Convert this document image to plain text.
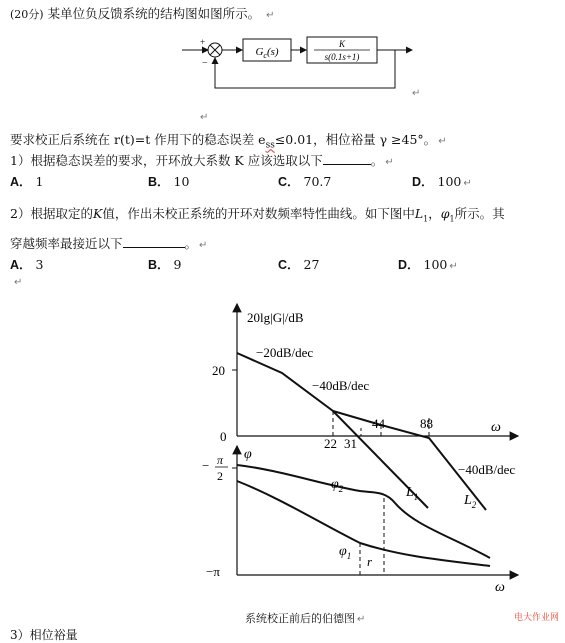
(20分) 某单位负反馈系统的结构图如图所示。 ↵
+
−
$G_c(s)$
K
s(0.1s+1)
↵
↵
要求校正后系统在 r(t)=t 作用下的稳态误差 $e_{ss}\le 0.01$，相位裕量 γ ≥45°。 ↵
1）根据稳态误差的要求，开环放大系数 K 应该选取以下	。 ↵
A． 1	B． 10	C． 70.7	D． 100 ↵
2）根据取定的K值，作出未校正系统的开环对数频率特性曲线。如下图中$L_1$，$\varphi_1$所示。其
穿越频率最接近以下	。 ↵
A． 3	B． 9	C． 27	D． 100 ↵
↵
20lg|G|/dB
20
0
ω
−20dB/dec
−40dB/dec
−40dB/dec
22 31
44	88
$L_1$	$L_2$
φ
− π
2
−π
ω
$\varphi_2$
$\varphi_1$ r
系统校正前后的伯德图 ↵	电大作业网
3）相位裕量
